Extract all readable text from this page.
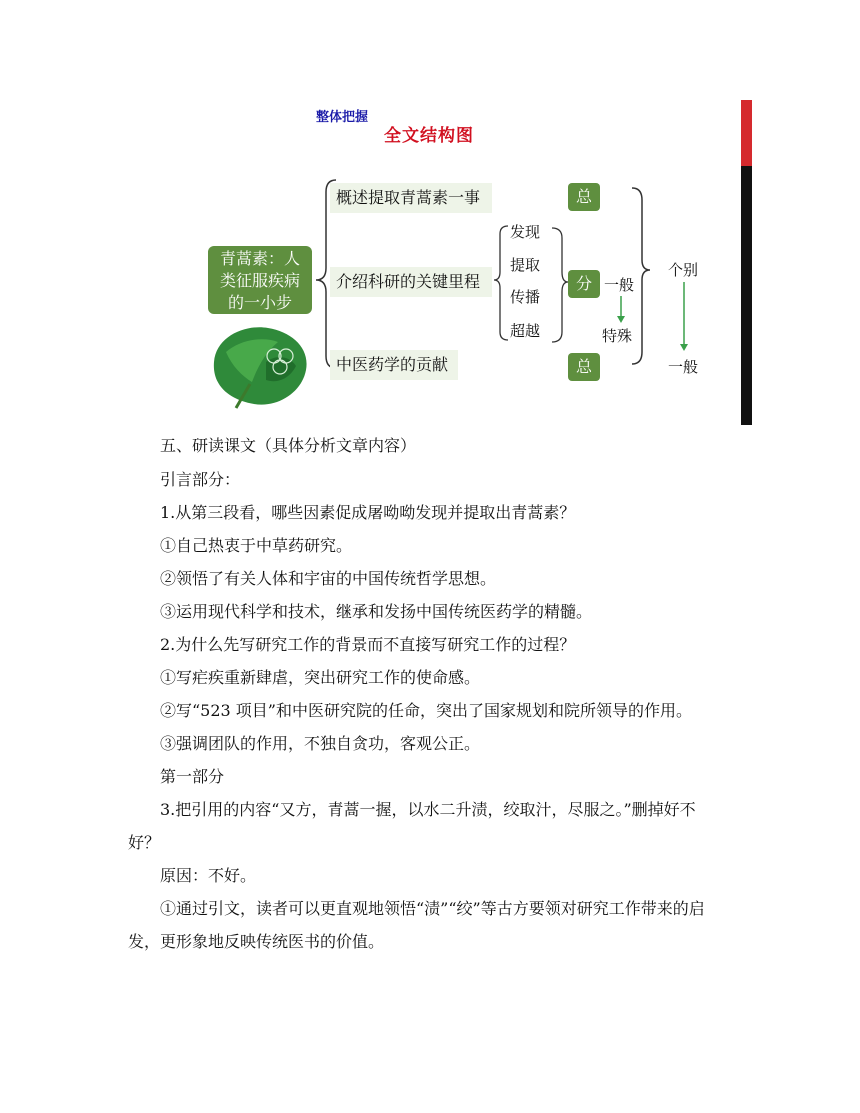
整体把握
全文结构图
青蒿素：人
类征服疾病
的一小步
概述提取青蒿素一事
介绍科研的关键里程
中医药学的贡献
发现
提取
传播
超越
总
分
总
一般
特殊
个别
一般
五、研读课文（具体分析文章内容）
引言部分：
1.从第三段看，哪些因素促成屠呦呦发现并提取出青蒿素？
①自己热衷于中草药研究。
②领悟了有关人体和宇宙的中国传统哲学思想。
③运用现代科学和技术，继承和发扬中国传统医药学的精髓。
2.为什么先写研究工作的背景而不直接写研究工作的过程？
①写疟疾重新肆虐，突出研究工作的使命感。
②写“523 项目”和中医研究院的任命，突出了国家规划和院所领导的作用。
③强调团队的作用，不独自贪功，客观公正。
第一部分
3.把引用的内容“又方，青蒿一握，以水二升渍，绞取汁，尽服之。”删掉好不
好？
原因：不好。
①通过引文，读者可以更直观地领悟“渍”“绞”等古方要领对研究工作带来的启
发，更形象地反映传统医书的价值。
